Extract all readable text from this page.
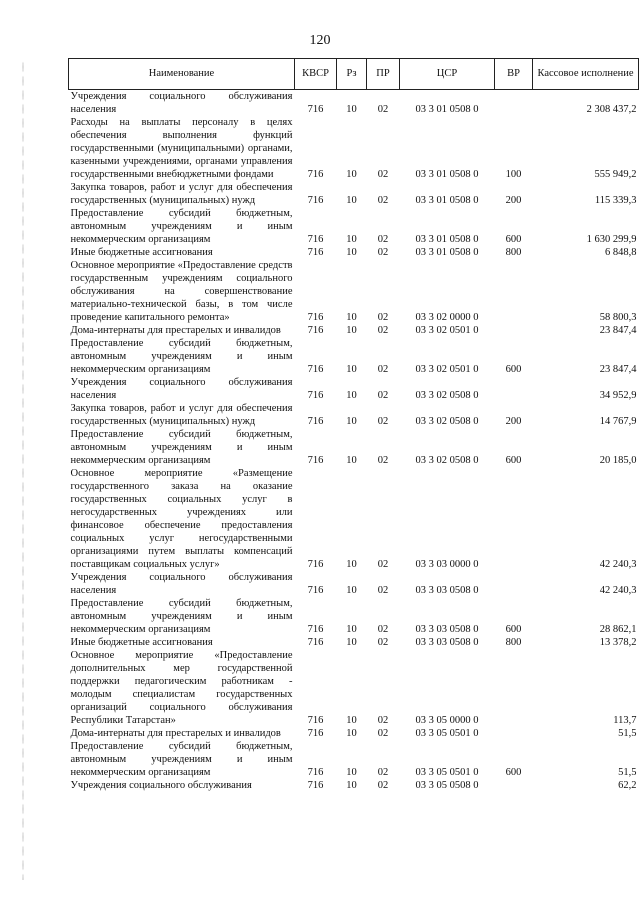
120
Наименование	КВСР	Рз	ПР	ЦСР	ВР	Кассовое исполнение
Учреждения социального обслуживания населения	716	10	02	03 3 01 0508 0		2 308 437,2
Расходы на выплаты персоналу в целях обеспечения выполнения функций государственными (муниципальными) органами, казенными учреждениями, органами управления государственными внебюджетными фондами	716	10	02	03 3 01 0508 0	100	555 949,2
Закупка товаров, работ и услуг для обеспечения государственных (муниципальных) нужд	716	10	02	03 3 01 0508 0	200	115 339,3
Предоставление субсидий бюджетным, автономным учреждениям и иным некоммерческим организациям	716	10	02	03 3 01 0508 0	600	1 630 299,9
Иные бюджетные ассигнования	716	10	02	03 3 01 0508 0	800	6 848,8
Основное мероприятие «Предоставление средств государственным учреждениям социального обслуживания на совершенствование материально-технической базы, в том числе проведение капитального ремонта»	716	10	02	03 3 02 0000 0		58 800,3
Дома-интернаты для престарелых и инвалидов	716	10	02	03 3 02 0501 0		23 847,4
Предоставление субсидий бюджетным, автономным учреждениям и иным некоммерческим организациям	716	10	02	03 3 02 0501 0	600	23 847,4
Учреждения социального обслуживания населения	716	10	02	03 3 02 0508 0		34 952,9
Закупка товаров, работ и услуг для обеспечения государственных (муниципальных) нужд	716	10	02	03 3 02 0508 0	200	14 767,9
Предоставление субсидий бюджетным, автономным учреждениям и иным некоммерческим организациям	716	10	02	03 3 02 0508 0	600	20 185,0
Основное мероприятие «Размещение государственного заказа на оказание государственных социальных услуг в негосударственных учреждениях или финансовое обеспечение предоставления социальных услуг негосударственными организациями путем выплаты компенсаций поставщикам социальных услуг»	716	10	02	03 3 03 0000 0		42 240,3
Учреждения социального обслуживания населения	716	10	02	03 3 03 0508 0		42 240,3
Предоставление субсидий бюджетным, автономным учреждениям и иным некоммерческим организациям	716	10	02	03 3 03 0508 0	600	28 862,1
Иные бюджетные ассигнования	716	10	02	03 3 03 0508 0	800	13 378,2
Основное мероприятие «Предоставление дополнительных мер государственной поддержки педагогическим работникам - молодым специалистам государственных организаций социального обслуживания Республики Татарстан»	716	10	02	03 3 05 0000 0		113,7
Дома-интернаты для престарелых и инвалидов	716	10	02	03 3 05 0501 0		51,5
Предоставление субсидий бюджетным, автономным учреждениям и иным некоммерческим организациям	716	10	02	03 3 05 0501 0	600	51,5
Учреждения социального обслуживания	716	10	02	03 3 05 0508 0		62,2
